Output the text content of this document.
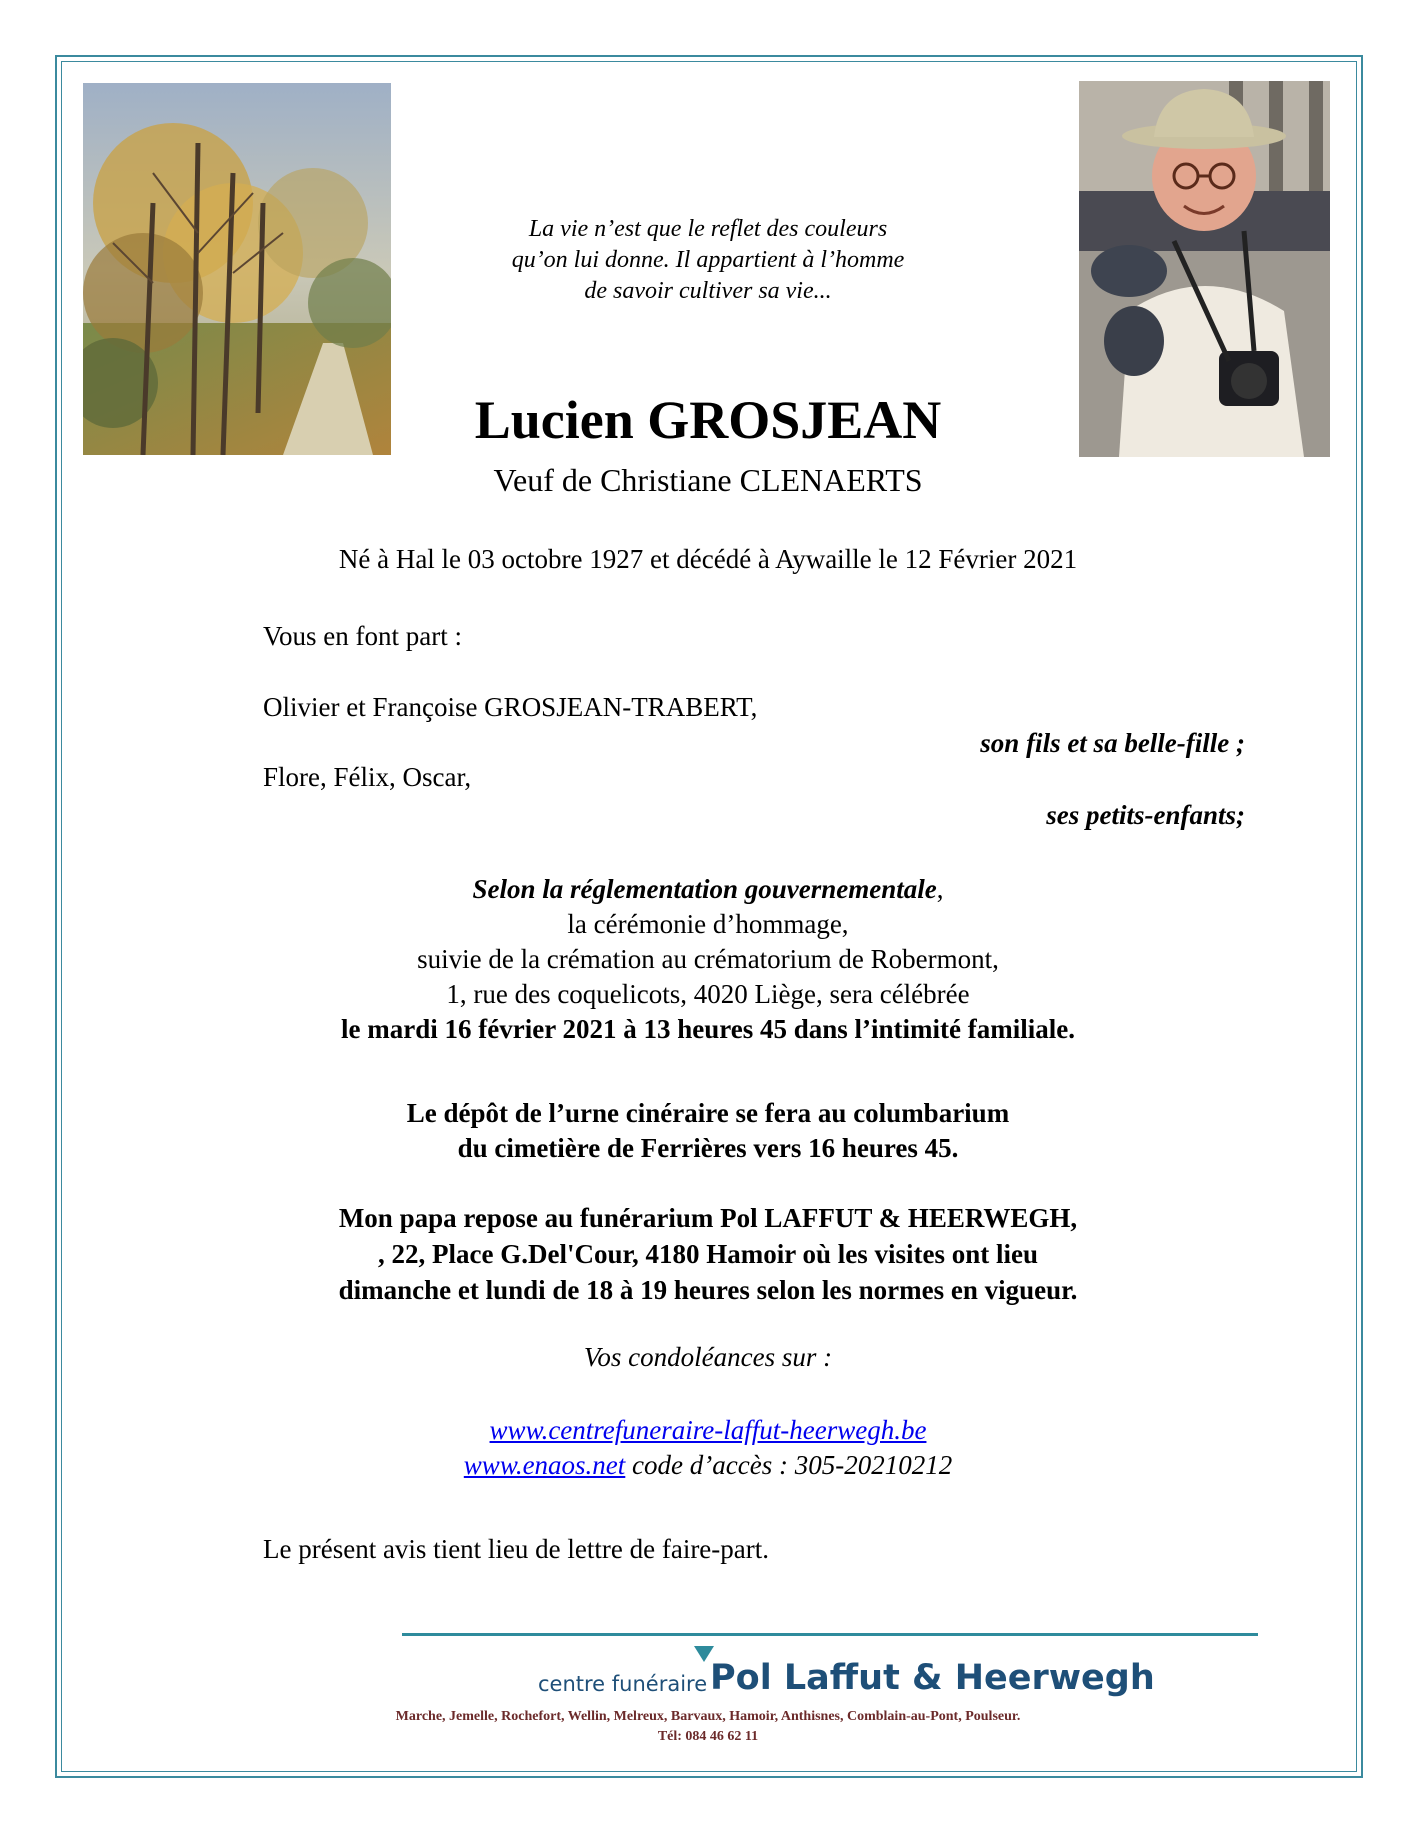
La vie n’est que le reflet des couleurs
qu’on lui donne. Il appartient à l’homme
de savoir cultiver sa vie...
Lucien GROSJEAN
Veuf de Christiane CLENAERTS
Né à Hal le 03 octobre 1927 et décédé à Aywaille le 12 Février 2021
Vous en font part :
Olivier et Françoise GROSJEAN-TRABERT,
son fils et sa belle-fille ;
Flore, Félix, Oscar,
ses petits-enfants;
Selon la réglementation gouvernementale,
la cérémonie d’hommage,
suivie de la crémation au crématorium de Robermont,
1, rue des coquelicots, 4020 Liège, sera célébrée
le mardi 16 février 2021 à 13 heures 45 dans l’intimité familiale.
Le dépôt de l’urne cinéraire se fera au columbarium
du cimetière de Ferrières vers 16 heures 45.
Mon papa repose au funérarium Pol LAFFUT & HEERWEGH,
, 22, Place G.Del'Cour, 4180 Hamoir où les visites ont lieu
dimanche et lundi de 18 à 19 heures selon les normes en vigueur.
Vos condoléances sur :
www.centrefuneraire-laffut-heerwegh.be
www.enaos.net code d’accès : 305-20210212
Le présent avis tient lieu de lettre de faire-part.
centre funéraire Pol Laffut & Heerwegh
Marche, Jemelle, Rochefort, Wellin, Melreux, Barvaux, Hamoir, Anthisnes, Comblain-au-Pont, Poulseur.
Tél: 084 46 62 11
